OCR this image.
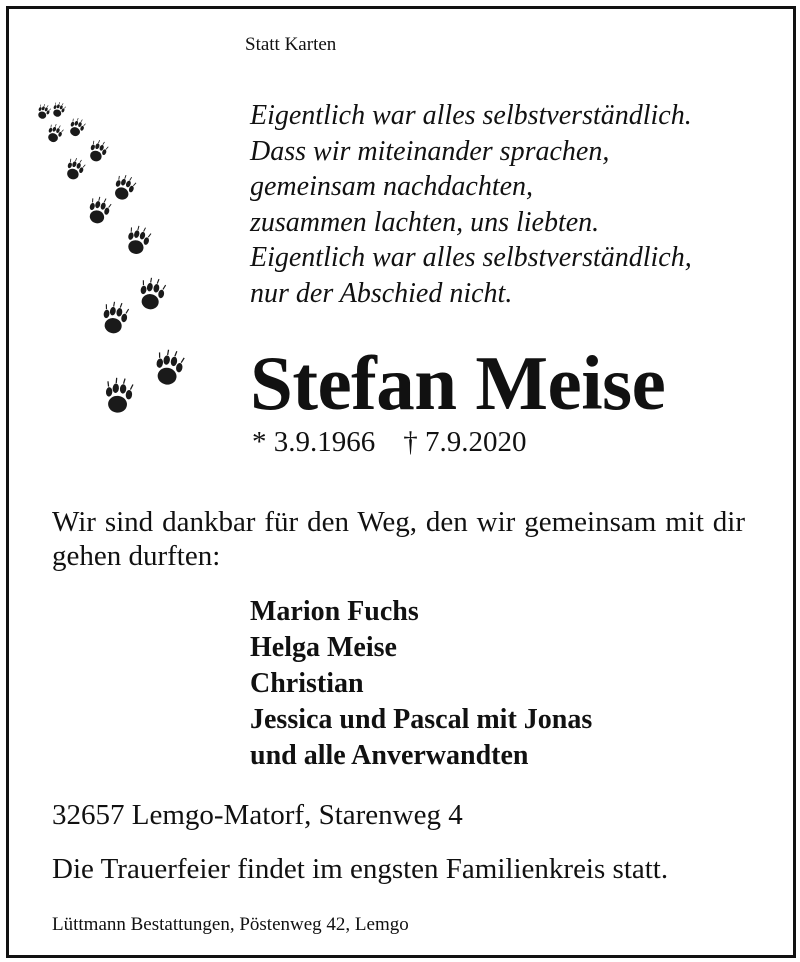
Statt Karten
Eigentlich war alles selbstverständlich.
Dass wir miteinander sprachen,
gemeinsam nachdachten,
zusammen lachten, uns liebten.
Eigentlich war alles selbstverständlich,
nur der Abschied nicht.
Stefan Meise
* 3.9.1966 † 7.9.2020
Wir sind dankbar für den Weg, den wir gemeinsam mit dir gehen durften:
Marion Fuchs
Helga Meise
Christian
Jessica und Pascal mit Jonas
und alle Anverwandten
32657 Lemgo-Matorf, Starenweg 4
Die Trauerfeier findet im engsten Familienkreis statt.
Lüttmann Bestattungen, Pöstenweg 42, Lemgo
